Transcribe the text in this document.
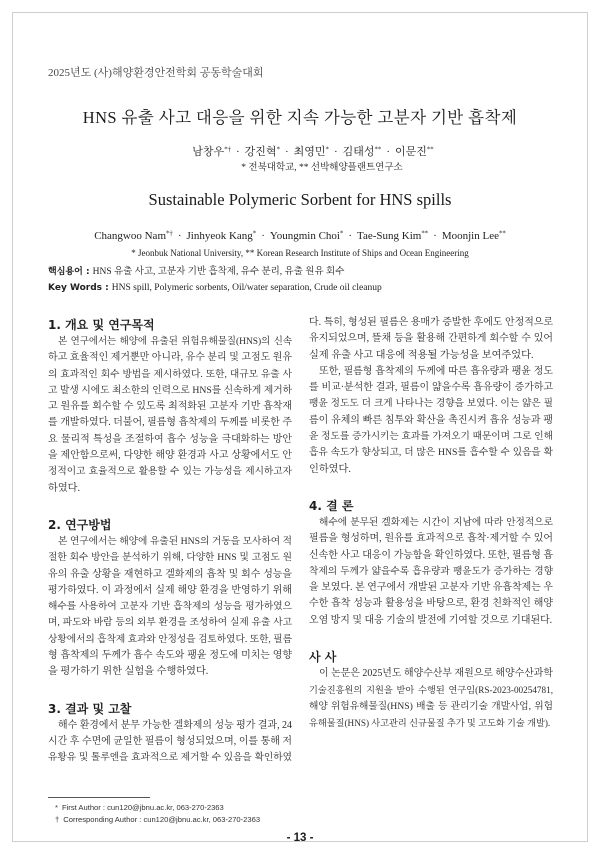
2025년도 (사)해양환경안전학회 공동학술대회
HNS 유출 사고 대응을 위한 지속 가능한 고분자 기반 흡착제
남창우*† · 강진혁* · 최영민* · 김태성** · 이문진**
* 전북대학교, ** 선박해양플랜트연구소
Sustainable Polymeric Sorbent for HNS spills
Changwoo Nam*† · Jinhyeok Kang* · Youngmin Choi* · Tae-Sung Kim** · Moonjin Lee**
* Jeonbuk National University, ** Korean Research Institute of Ships and Ocean Engineering
핵심용어 : HNS 유출 사고, 고분자 기반 흡착제, 유수 분리, 유출 원유 회수
Key Words : HNS spill, Polymeric sorbents, Oil/water separation, Crude oil cleanup
1. 개요 및 연구목적
본 연구에서는 해양에 유출된 위험유해물질(HNS)의 신속
하고 효율적인 제거뿐만 아니라, 유수 분리 및 고점도 원유
의 효과적인 회수 방법을 제시하였다. 또한, 대규모 유출 사
고 발생 시에도 최소한의 인력으로 HNS를 신속하게 제거하
고 원유를 회수할 수 있도록 최적화된 고분자 기반 흡착재
를 개발하였다. 더불어, 필름형 흡착제의 두께를 비롯한 주
요 물리적 특성을 조절하여 흡수 성능을 극대화하는 방안
을 제안함으로써, 다양한 해양 환경과 사고 상황에서도 안
정적이고 효율적으로 활용할 수 있는 가능성을 제시하고자
하였다.
2. 연구방법
본 연구에서는 해양에 유출된 HNS의 거동을 모사하여 적
절한 회수 방안을 분석하기 위해, 다양한 HNS 및 고점도 원
유의 유출 상황을 재현하고 겔화제의 흡착 및 회수 성능을
평가하였다. 이 과정에서 실제 해양 환경을 반영하기 위해
해수를 사용하여 고분자 기반 흡착제의 성능을 평가하였으
며, 파도와 바람 등의 외부 환경을 조성하여 실제 유출 사고
상황에서의 흡착제 효과와 안정성을 검토하였다. 또한, 필름
형 흡착제의 두께가 흡수 속도와 팽윤 정도에 미치는 영향
을 평가하기 위한 실험을 수행하였다.
3. 결과 및 고찰
해수 환경에서 분무 가능한 겔화제의 성능 평가 결과, 24
시간 후 수면에 균일한 필름이 형성되었으며, 이를 통해 저
유황유 및 톨루엔을 효과적으로 제거할 수 있음을 확인하였
다. 특히, 형성된 필름은 용매가 증발한 후에도 안정적으로
유지되었으며, 뜰채 등을 활용해 간편하게 회수할 수 있어
실제 유출 사고 대응에 적용될 가능성을 보여주었다.
또한, 필름형 흡착제의 두께에 따른 흡유량과 팽윤 정도
를 비교·분석한 결과, 필름이 얇을수록 흡유량이 증가하고
팽윤 정도도 더 크게 나타나는 경향을 보였다. 이는 얇은 필
름이 유체의 빠른 침투와 확산을 촉진시켜 흡유 성능과 팽
윤 정도를 증가시키는 효과를 가져오기 때문이며 그로 인해
흡유 속도가 향상되고, 더 많은 HNS를 흡수할 수 있음을 확
인하였다.
4. 결 론
해수에 분무된 겔화제는 시간이 지남에 따라 안정적으로
필름을 형성하며, 원유를 효과적으로 흡착·제거할 수 있어
신속한 사고 대응이 가능함을 확인하였다. 또한, 필름형 흡
착제의 두께가 얇을수록 흡유량과 팽윤도가 증가하는 경향
을 보였다. 본 연구에서 개발된 고분자 기반 유흡착제는 우
수한 흡착 성능과 활용성을 바탕으로, 환경 친화적인 해양
오염 방지 및 대응 기술의 발전에 기여할 것으로 기대된다.
사 사
이 논문은 2025년도 해양수산부 재원으로 해양수산과학
기술진흥원의 지원을 받아 수행된 연구임(RS-2023-00254781,
해양 위험유해물질(HNS) 배출 등 관리기술 개발사업, 위험
유해물질(HNS) 사고관리 신규물질 추가 및 고도화 기술 개발).
* First Author : cun120@jbnu.ac.kr, 063-270-2363
† Corresponding Author : cun120@jbnu.ac.kr, 063-270-2363
- 13 -
